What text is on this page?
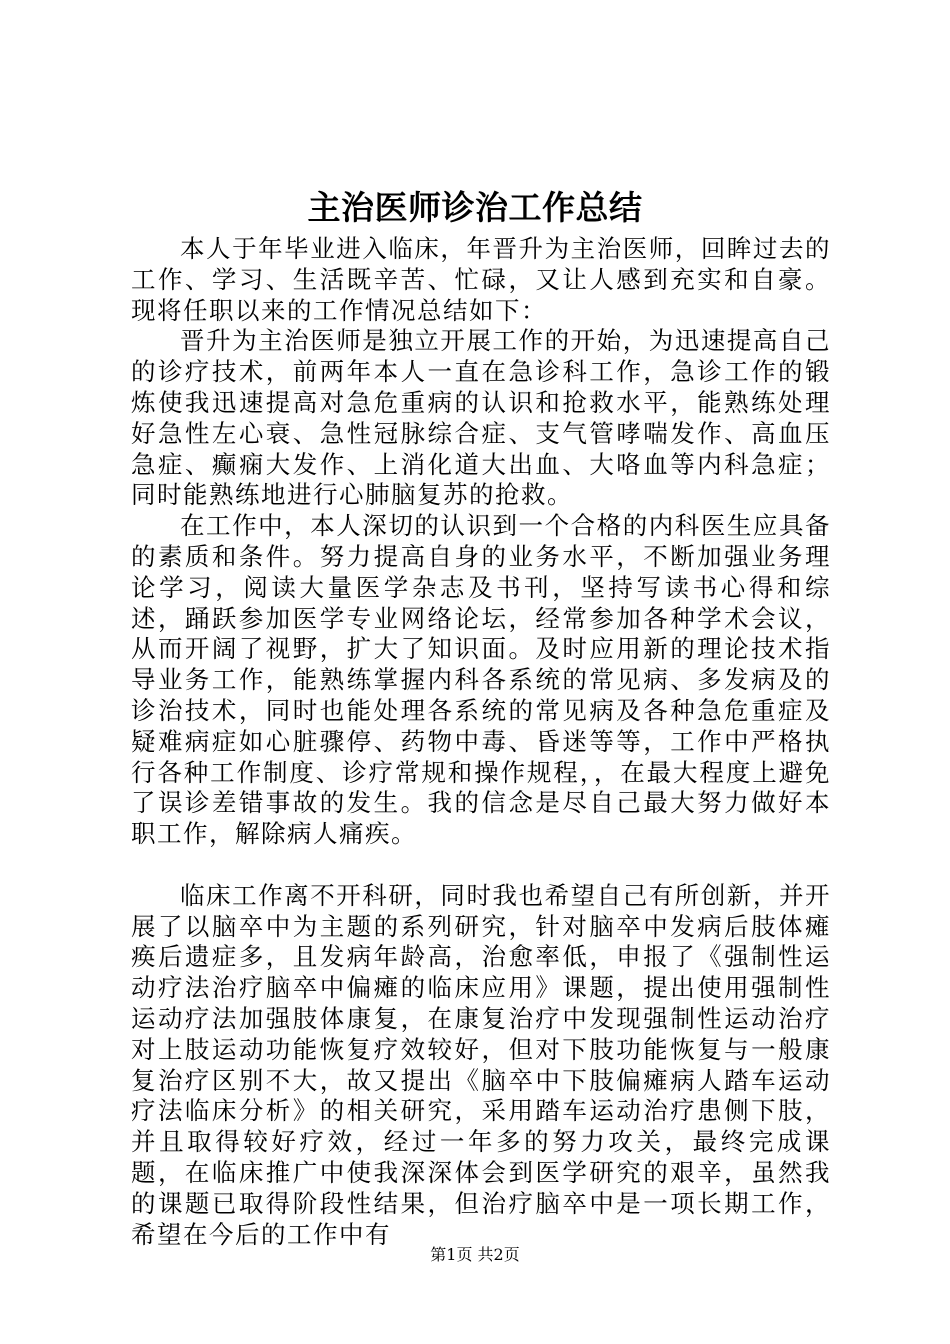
主治医师诊治工作总结

本人于年毕业进入临床，年晋升为主治医师，回眸过去的工作、学习、生活既辛苦、忙碌，又让人感到充实和自豪。现将任职以来的工作情况总结如下：

晋升为主治医师是独立开展工作的开始，为迅速提高自己的诊疗技术，前两年本人一直在急诊科工作，急诊工作的锻炼使我迅速提高对急危重病的认识和抢救水平，能熟练处理好急性左心衰、急性冠脉综合症、支气管哮喘发作、高血压急症、癫痫大发作、上消化道大出血、大咯血等内科急症；同时能熟练地进行心肺脑复苏的抢救。

在工作中，本人深切的认识到一个合格的内科医生应具备的素质和条件。努力提高自身的业务水平，不断加强业务理论学习，阅读大量医学杂志及书刊，坚持写读书心得和综述，踊跃参加医学专业网络论坛，经常参加各种学术会议，从而开阔了视野，扩大了知识面。及时应用新的理论技术指导业务工作，能熟练掌握内科各系统的常见病、多发病及的诊治技术，同时也能处理各系统的常见病及各种急危重症及疑难病症如心脏骤停、药物中毒、昏迷等等，工作中严格执行各种工作制度、诊疗常规和操作规程，，在最大程度上避免了误诊差错事故的发生。我的信念是尽自己最大努力做好本职工作，解除病人痛疾。

临床工作离不开科研，同时我也希望自己有所创新，并开展了以脑卒中为主题的系列研究，针对脑卒中发病后肢体瘫痪后遗症多，且发病年龄高，治愈率低，申报了《强制性运动疗法治疗脑卒中偏瘫的临床应用》课题，提出使用强制性运动疗法加强肢体康复，在康复治疗中发现强制性运动治疗对上肢运动功能恢复疗效较好，但对下肢功能恢复与一般康复治疗区别不大，故又提出《脑卒中下肢偏瘫病人踏车运动疗法临床分析》的相关研究，采用踏车运动治疗患侧下肢，并且取得较好疗效，经过一年多的努力攻关，最终完成课题，在临床推广中使我深深体会到医学研究的艰辛，虽然我的课题已取得阶段性结果，但治疗脑卒中是一项长期工作，希望在今后的工作中有

第1页 共2页
